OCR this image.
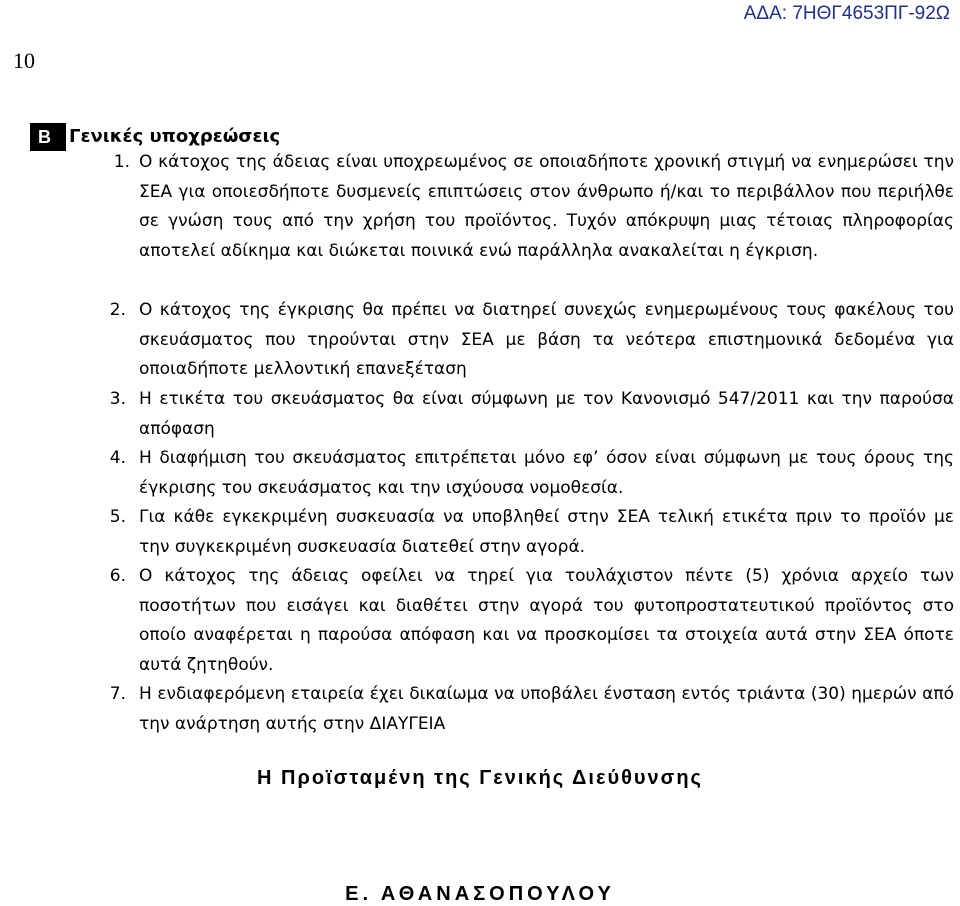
ΑΔΑ: 7ΗΘΓ4653ΠΓ-92Ω
10
B	Γενικές υποχρεώσεις
1. Ο κάτοχος της άδειας είναι υποχρεωμένος σε οποιαδήποτε χρονική στιγμή να ενημερώσει την ΣΕΑ για οποιεσδήποτε δυσμενείς επιπτώσεις στον άνθρωπο ή/και το περιβάλλον που περιήλθε σε γνώση τους από την χρήση του προϊόντος. Τυχόν απόκρυψη μιας τέτοιας πληροφορίας αποτελεί αδίκημα και διώκεται ποινικά ενώ παράλληλα ανακαλείται η έγκριση.
2. Ο κάτοχος της έγκρισης θα πρέπει να διατηρεί συνεχώς ενημερωμένους τους φακέλους του σκευάσματος που τηρούνται στην ΣΕΑ με βάση τα νεότερα επιστημονικά δεδομένα για οποιαδήποτε μελλοντική επανεξέταση
3. Η ετικέτα του σκευάσματος θα είναι σύμφωνη με τον Κανονισμό 547/2011 και την παρούσα απόφαση
4. Η διαφήμιση του σκευάσματος επιτρέπεται μόνο εφ’ όσον είναι σύμφωνη με τους όρους της έγκρισης του σκευάσματος και την ισχύουσα νομοθεσία.
5. Για κάθε εγκεκριμένη συσκευασία να υποβληθεί στην ΣΕΑ τελική ετικέτα πριν το προϊόν με την συγκεκριμένη συσκευασία διατεθεί στην αγορά.
6. Ο κάτοχος της άδειας οφείλει να τηρεί για τουλάχιστον πέντε (5) χρόνια αρχείο των ποσοτήτων που εισάγει και διαθέτει στην αγορά του φυτοπροστατευτικού προϊόντος στο οποίο αναφέρεται η παρούσα απόφαση και να προσκομίσει τα στοιχεία αυτά στην ΣΕΑ όποτε αυτά ζητηθούν.
7. Η ενδιαφερόμενη εταιρεία έχει δικαίωμα να υποβάλει ένσταση εντός τριάντα (30) ημερών από την ανάρτηση αυτής στην ΔΙΑΥΓΕΙΑ
Η Προϊσταμένη της Γενικής Διεύθυνσης
Ε. ΑΘΑΝΑΣΟΠΟΥΛΟΥ
